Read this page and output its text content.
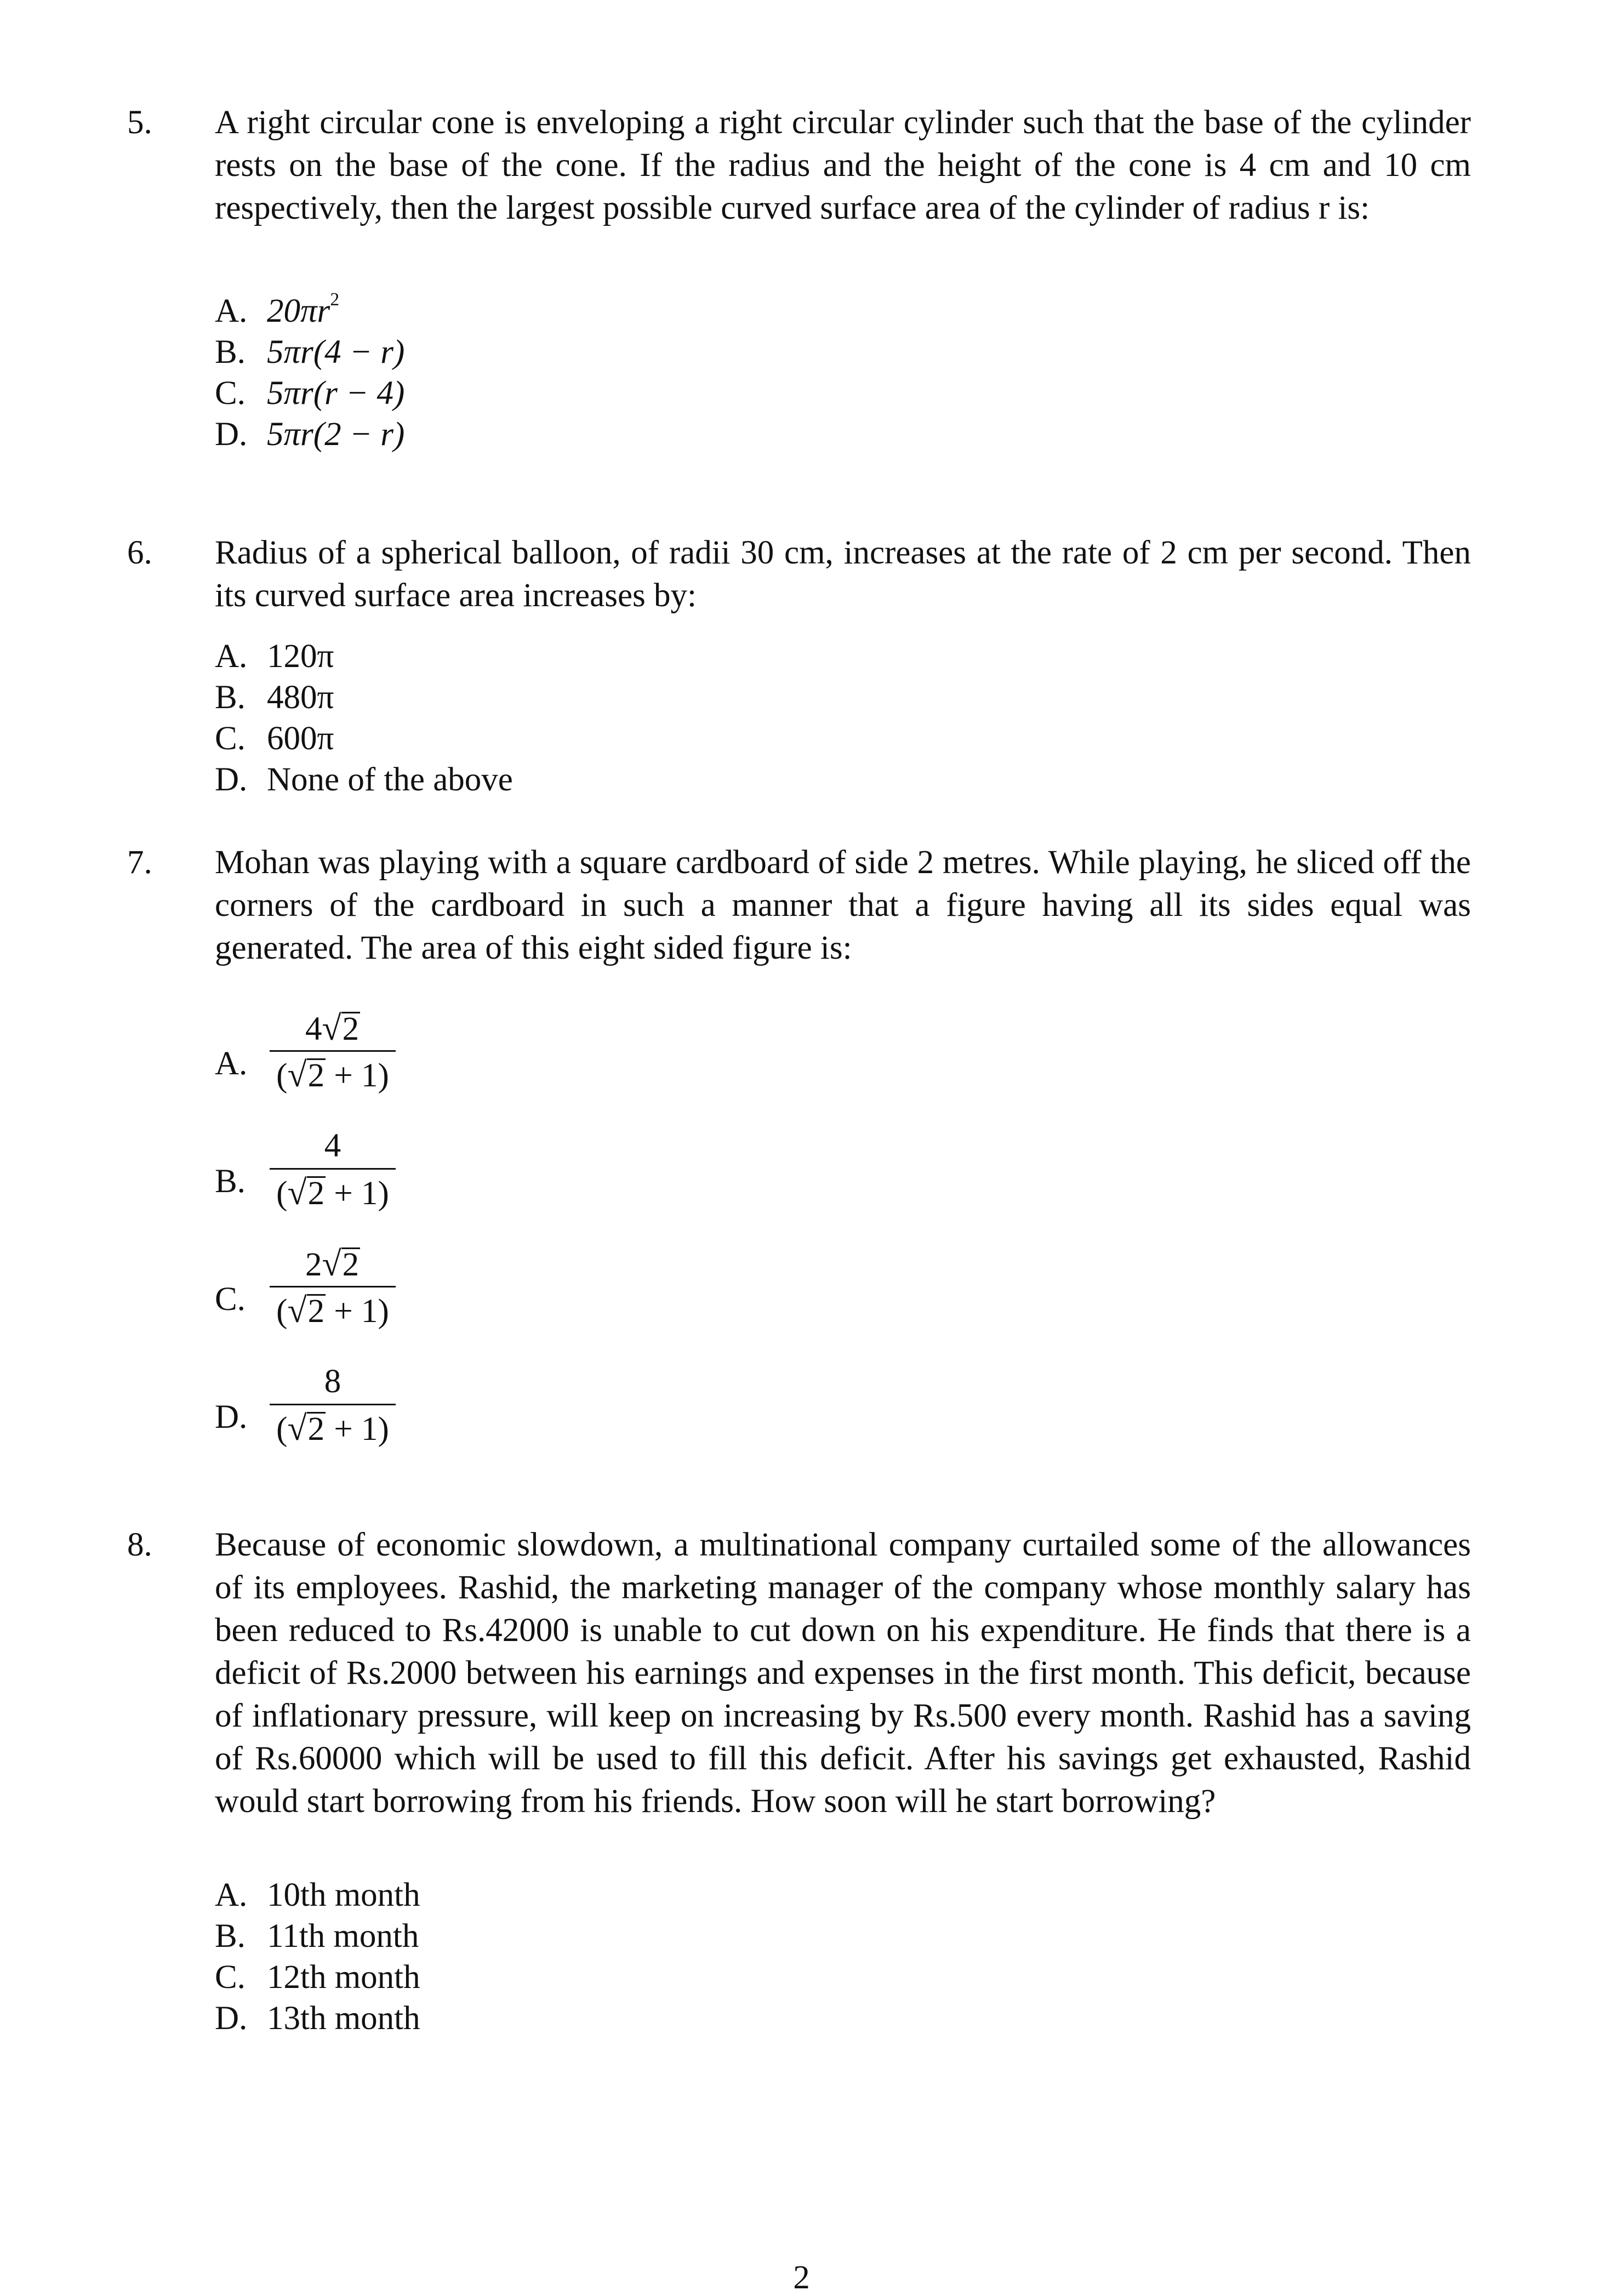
5. A right circular cone is enveloping a right circular cylinder such that the base of the cylinder rests on the base of the cone. If the radius and the height of the cone is 4 cm and 10 cm respectively, then the largest possible curved surface area of the cylinder of radius r is:
A. $20\pi r^2$
B. 5πr(4 − r)
C. 5πr(r − 4)
D. 5πr(2 − r)
6. Radius of a spherical balloon, of radii 30 cm, increases at the rate of 2 cm per second. Then its curved surface area increases by:
A. 120π
B. 480π
C. 600π
D. None of the above
7. Mohan was playing with a square cardboard of side 2 metres. While playing, he sliced off the corners of the cardboard in such a manner that a figure having all its sides equal was generated. The area of this eight sided figure is:
A.
4√2
(√2 + 1)
B.
4
(√2 + 1)
C.
2√2
(√2 + 1)
D.
8
(√2 + 1)
8. Because of economic slowdown, a multinational company curtailed some of the allowances of its employees. Rashid, the marketing manager of the company whose monthly salary has been reduced to Rs.42000 is unable to cut down on his expenditure. He finds that there is a deficit of Rs.2000 between his earnings and expenses in the first month. This deficit, because of inflationary pressure, will keep on increasing by Rs.500 every month. Rashid has a saving of Rs.60000 which will be used to fill this deficit. After his savings get exhausted, Rashid would start borrowing from his friends. How soon will he start borrowing?
A. 10th month
B. 11th month
C. 12th month
D. 13th month
2
